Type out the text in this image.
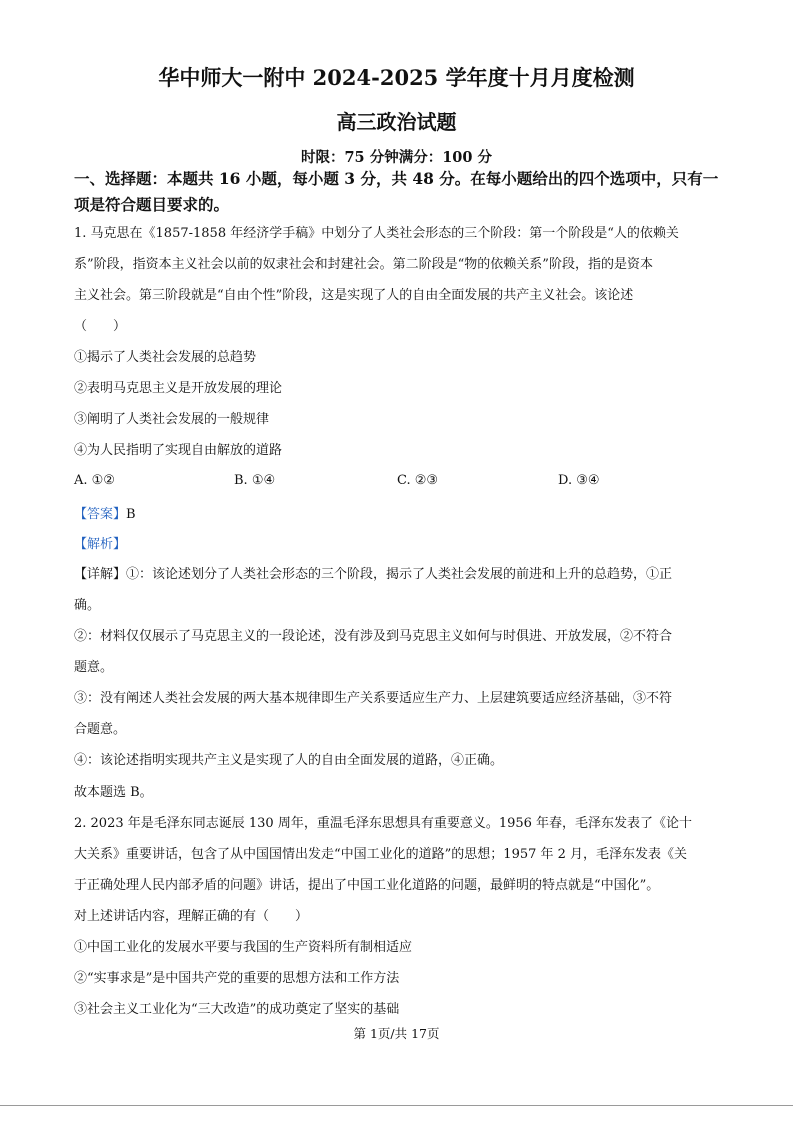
华中师大一附中 2024-2025 学年度十月月度检测
高三政治试题
时限：75 分钟满分：100 分
一、选择题：本题共 16 小题，每小题 3 分，共 48 分。在每小题给出的四个选项中，只有一
项是符合题目要求的。
1. 马克思在《1857-1858 年经济学手稿》中划分了人类社会形态的三个阶段：第一个阶段是“人的依赖关
系”阶段，指资本主义社会以前的奴隶社会和封建社会。第二阶段是“物的依赖关系”阶段，指的是资本
主义社会。第三阶段就是“自由个性”阶段，这是实现了人的自由全面发展的共产主义社会。该论述
（　　）
①揭示了人类社会发展的总趋势
②表明马克思主义是开放发展的理论
③阐明了人类社会发展的一般规律
④为人民指明了实现自由解放的道路
A. ①②	B. ①④	C. ②③	D. ③④
【答案】B
【解析】
【详解】①：该论述划分了人类社会形态的三个阶段，揭示了人类社会发展的前进和上升的总趋势，①正
确。
②：材料仅仅展示了马克思主义的一段论述，没有涉及到马克思主义如何与时俱进、开放发展，②不符合
题意。
③：没有阐述人类社会发展的两大基本规律即生产关系要适应生产力、上层建筑要适应经济基础，③不符
合题意。
④：该论述指明实现共产主义是实现了人的自由全面发展的道路，④正确。
故本题选 B。
2. 2023 年是毛泽东同志诞辰 130 周年，重温毛泽东思想具有重要意义。1956 年春，毛泽东发表了《论十
大关系》重要讲话，包含了从中国国情出发走“中国工业化的道路”的思想；1957 年 2 月，毛泽东发表《关
于正确处理人民内部矛盾的问题》讲话，提出了中国工业化道路的问题，最鲜明的特点就是“中国化”。
对上述讲话内容，理解正确的有（　　）
①中国工业化的发展水平要与我国的生产资料所有制相适应
②“实事求是”是中国共产党的重要的思想方法和工作方法
③社会主义工业化为“三大改造”的成功奠定了坚实的基础
第 1页/共 17页
